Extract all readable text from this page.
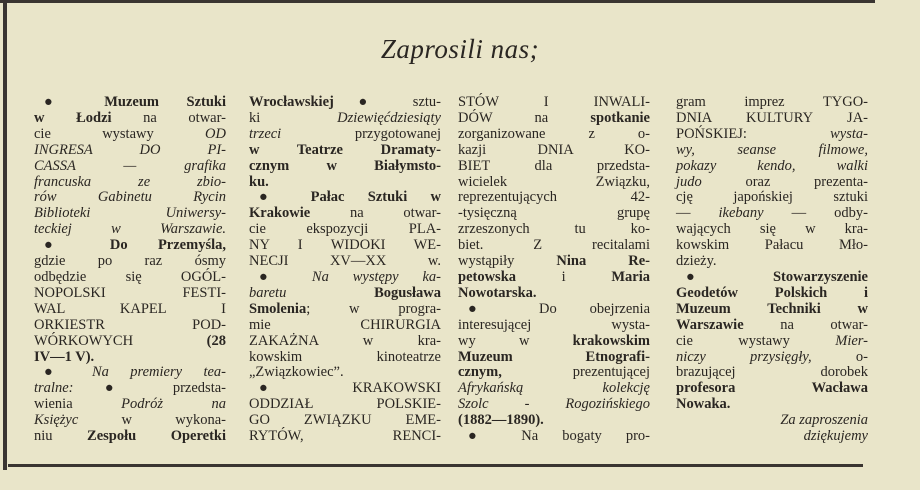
Zaprosili nas;
● Muzeum Sztuki
w Łodzi na otwar-
cie wystawy OD
INGRESA DO PI-
CASSA — grafika
francuska ze zbio-
rów Gabinetu Rycin
Biblioteki Uniwersy-
teckiej w Warszawie.
● Do Przemyśla,
gdzie po raz ósmy
odbędzie się OGÓL-
NOPOLSKI FESTI-
WAL KAPEL I
ORKIESTR POD-
WÓRKOWYCH (28
IV—1 V).
● Na premiery tea-
tralne: ● przedsta-
wienia Podróż na
Księżyc w wykona-
niu Zespołu Operetki
Wrocławskiej ● sztu-
ki Dziewięćdziesiąty
trzeci przygotowanej
w Teatrze Dramaty-
cznym w Białymsto-
ku.
● Pałac Sztuki w
Krakowie na otwar-
cie ekspozycji PLA-
NY I WIDOKI WE-
NECJI XV—XX w.
● Na występy ka-
baretu Bogusława
Smolenia; w progra-
mie CHIRURGIA
ZAKAŻNA w kra-
kowskim kinoteatrze
„Związkowiec”.
● KRAKOWSKI
ODDZIAŁ POLSKIE-
GO ZWIĄZKU EME-
RYTÓW, RENCI-
STÓW I INWALI-
DÓW na spotkanie
zorganizowane z o-
kazji DNIA KO-
BIET dla przedsta-
wicielek Związku,
reprezentujących 42-
-tysięczną grupę
zrzeszonych tu ko-
biet. Z recitalami
wystąpiły Nina Re-
petowska i Maria
Nowotarska.
● Do obejrzenia
interesującej wysta-
wy w krakowskim
Muzeum Etnografi-
cznym, prezentującej
Afrykańską kolekcję
Szolc - Rogozińskiego
(1882—1890).
● Na bogaty pro-
gram imprez TYGO-
DNIA KULTURY JA-
POŃSKIEJ: wysta-
wy, seanse filmowe,
pokazy kendo, walki
judo oraz prezenta-
cję japońskiej sztuki
— ikebany — odby-
wających się w kra-
kowskim Pałacu Mło-
dzieży.
● Stowarzyszenie
Geodetów Polskich i
Muzeum Techniki w
Warszawie na otwar-
cie wystawy Mier-
niczy przysięgły, o-
brazującej dorobek
profesora Wacława
Nowaka.
Za zaproszenia
dziękujemy
